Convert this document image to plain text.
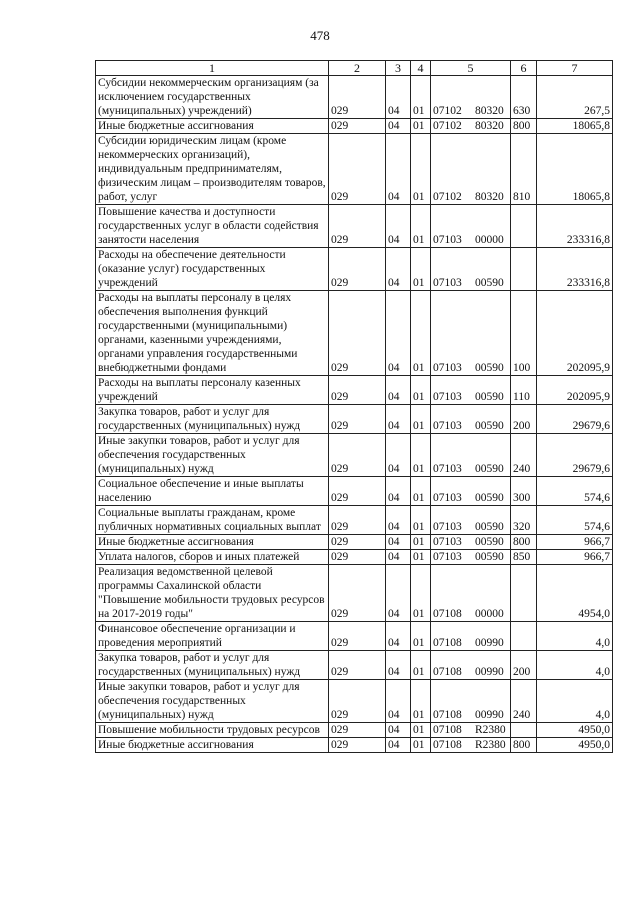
478
1	2	3	4	5	6	7
Субсидии некоммерческим организациям (за исключением государственных (муниципальных) учреждений)	029	04	01	07102 80320	630	267,5
Иные бюджетные ассигнования	029	04	01	07102 80320	800	18065,8
Субсидии юридическим лицам (кроме некоммерческих организаций), индивидуальным предпринимателям, физическим лицам – производителям товаров, работ, услуг	029	04	01	07102 80320	810	18065,8
Повышение качества и доступности государственных услуг в области содействия занятости населения	029	04	01	07103 00000		233316,8
Расходы на обеспечение деятельности (оказание услуг) государственных учреждений	029	04	01	07103 00590		233316,8
Расходы на выплаты персоналу в целях обеспечения выполнения функций государственными (муниципальными) органами, казенными учреждениями, органами управления государственными внебюджетными фондами	029	04	01	07103 00590	100	202095,9
Расходы на выплаты персоналу казенных учреждений	029	04	01	07103 00590	110	202095,9
Закупка товаров, работ и услуг для государственных (муниципальных) нужд	029	04	01	07103 00590	200	29679,6
Иные закупки товаров, работ и услуг для обеспечения государственных (муниципальных) нужд	029	04	01	07103 00590	240	29679,6
Социальное обеспечение и иные выплаты населению	029	04	01	07103 00590	300	574,6
Социальные выплаты гражданам, кроме публичных нормативных социальных выплат	029	04	01	07103 00590	320	574,6
Иные бюджетные ассигнования	029	04	01	07103 00590	800	966,7
Уплата налогов, сборов и иных платежей	029	04	01	07103 00590	850	966,7
Реализация ведомственной целевой программы Сахалинской области "Повышение мобильности трудовых ресурсов на 2017-2019 годы"	029	04	01	07108 00000		4954,0
Финансовое обеспечение организации и проведения мероприятий	029	04	01	07108 00990		4,0
Закупка товаров, работ и услуг для государственных (муниципальных) нужд	029	04	01	07108 00990	200	4,0
Иные закупки товаров, работ и услуг для обеспечения государственных (муниципальных) нужд	029	04	01	07108 00990	240	4,0
Повышение мобильности трудовых ресурсов	029	04	01	07108 R2380		4950,0
Иные бюджетные ассигнования	029	04	01	07108 R2380	800	4950,0
